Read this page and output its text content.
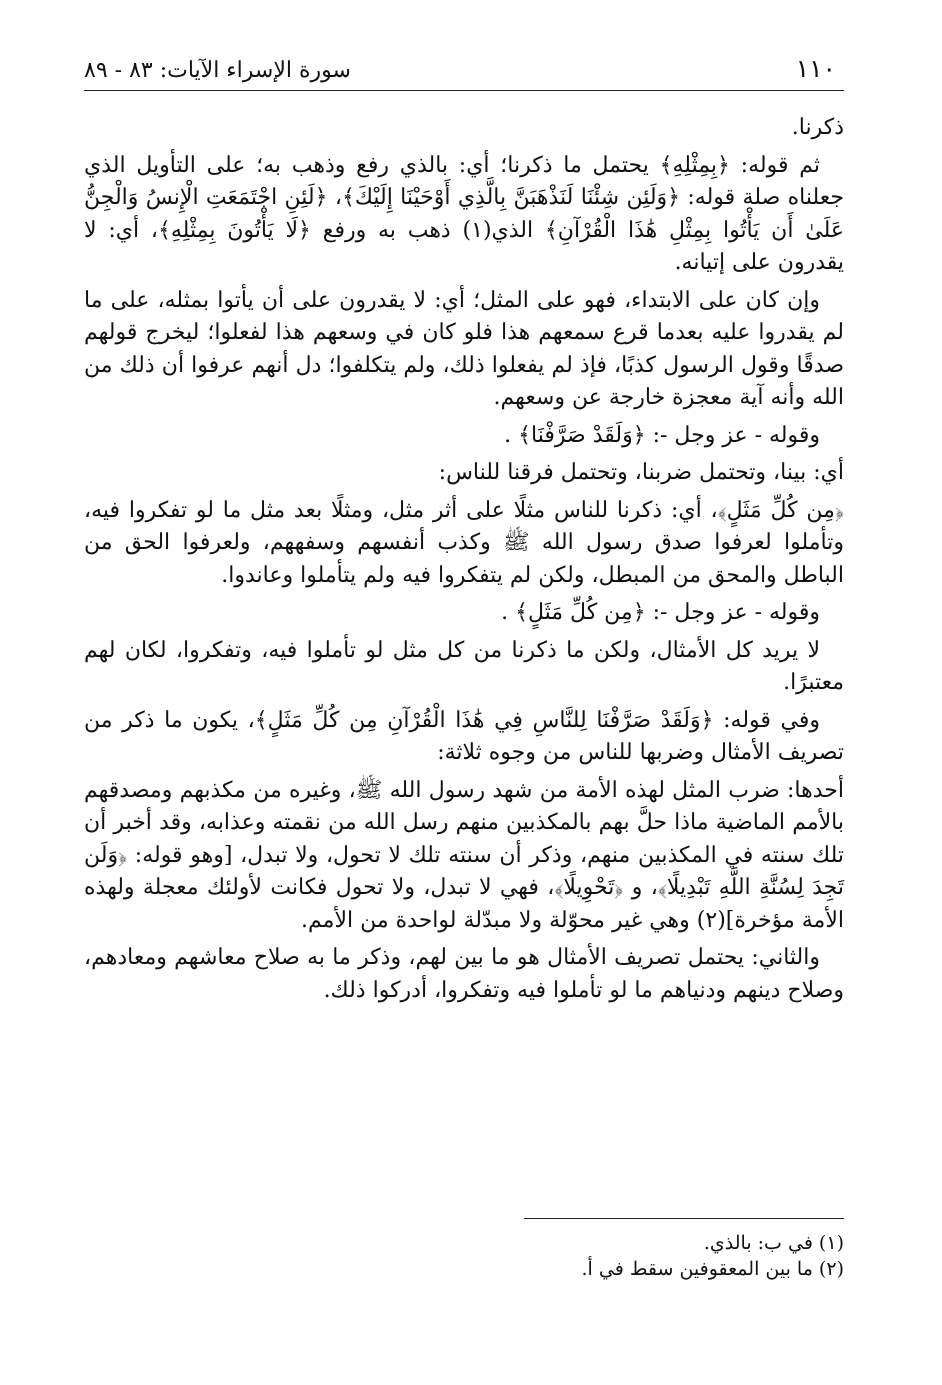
١١٠
سورة الإسراء الآيات: ٨٣ - ٨٩

ذكرنا.

ثم قوله: ﴿بِمِثْلِهِ﴾ يحتمل ما ذكرنا؛ أي: بالذي رفع وذهب به؛ على التأويل الذي جعلناه صلة قوله: ﴿وَلَئِن شِئْنَا لَنَذْهَبَنَّ بِالَّذِي أَوْحَيْنَا إِلَيْكَ﴾، ﴿لَئِنِ اجْتَمَعَتِ الْإِنسُ وَالْجِنُّ عَلَىٰ أَن يَأْتُوا بِمِثْلِ هَٰذَا الْقُرْآنِ﴾ الذي(١) ذهب به ورفع ﴿لَا يَأْتُونَ بِمِثْلِهِ﴾، أي: لا يقدرون على إتيانه.

وإن كان على الابتداء، فهو على المثل؛ أي: لا يقدرون على أن يأتوا بمثله، على ما لم يقدروا عليه بعدما قرع سمعهم هذا فلو كان في وسعهم هذا لفعلوا؛ ليخرج قولهم صدقًا وقول الرسول كذبًا، فإذ لم يفعلوا ذلك، ولم يتكلفوا؛ دل أنهم عرفوا أن ذلك من الله وأنه آية معجزة خارجة عن وسعهم.

وقوله - عز وجل -: ﴿وَلَقَدْ صَرَّفْنَا﴾ .

أي: بينا، وتحتمل ضربنا، وتحتمل فرقنا للناس:

﴿مِن كُلِّ مَثَلٍ﴾، أي: ذكرنا للناس مثلًا على أثر مثل، ومثلًا بعد مثل ما لو تفكروا فيه، وتأملوا لعرفوا صدق رسول الله ﷺ وكذب أنفسهم وسفههم، ولعرفوا الحق من الباطل والمحق من المبطل، ولكن لم يتفكروا فيه ولم يتأملوا وعاندوا.

وقوله - عز وجل -: ﴿مِن كُلِّ مَثَلٍ﴾ .

لا يريد كل الأمثال، ولكن ما ذكرنا من كل مثل لو تأملوا فيه، وتفكروا، لكان لهم معتبرًا.

وفي قوله: ﴿وَلَقَدْ صَرَّفْنَا لِلنَّاسِ فِي هَٰذَا الْقُرْآنِ مِن كُلِّ مَثَلٍ﴾، يكون ما ذكر من تصريف الأمثال وضربها للناس من وجوه ثلاثة:

أحدها: ضرب المثل لهذه الأمة من شهد رسول الله ﷺ، وغيره من مكذبهم ومصدقهم بالأمم الماضية ماذا حلَّ بهم بالمكذبين منهم رسل الله من نقمته وعذابه، وقد أخبر أن تلك سنته في المكذبين منهم، وذكر أن سنته تلك لا تحول، ولا تبدل، [وهو قوله: ﴿وَلَن تَجِدَ لِسُنَّةِ اللَّهِ تَبْدِيلًا﴾، و ﴿تَحْوِيلًا﴾، فهي لا تبدل، ولا تحول فكانت لأولئك معجلة ولهذه الأمة مؤخرة](٢) وهي غير محوّلة ولا مبدّلة لواحدة من الأمم.

والثاني: يحتمل تصريف الأمثال هو ما بين لهم، وذكر ما به صلاح معاشهم ومعادهم، وصلاح دينهم ودنياهم ما لو تأملوا فيه وتفكروا، أدركوا ذلك.

(١) في ب: بالذي.
(٢) ما بين المعقوفين سقط في أ.
